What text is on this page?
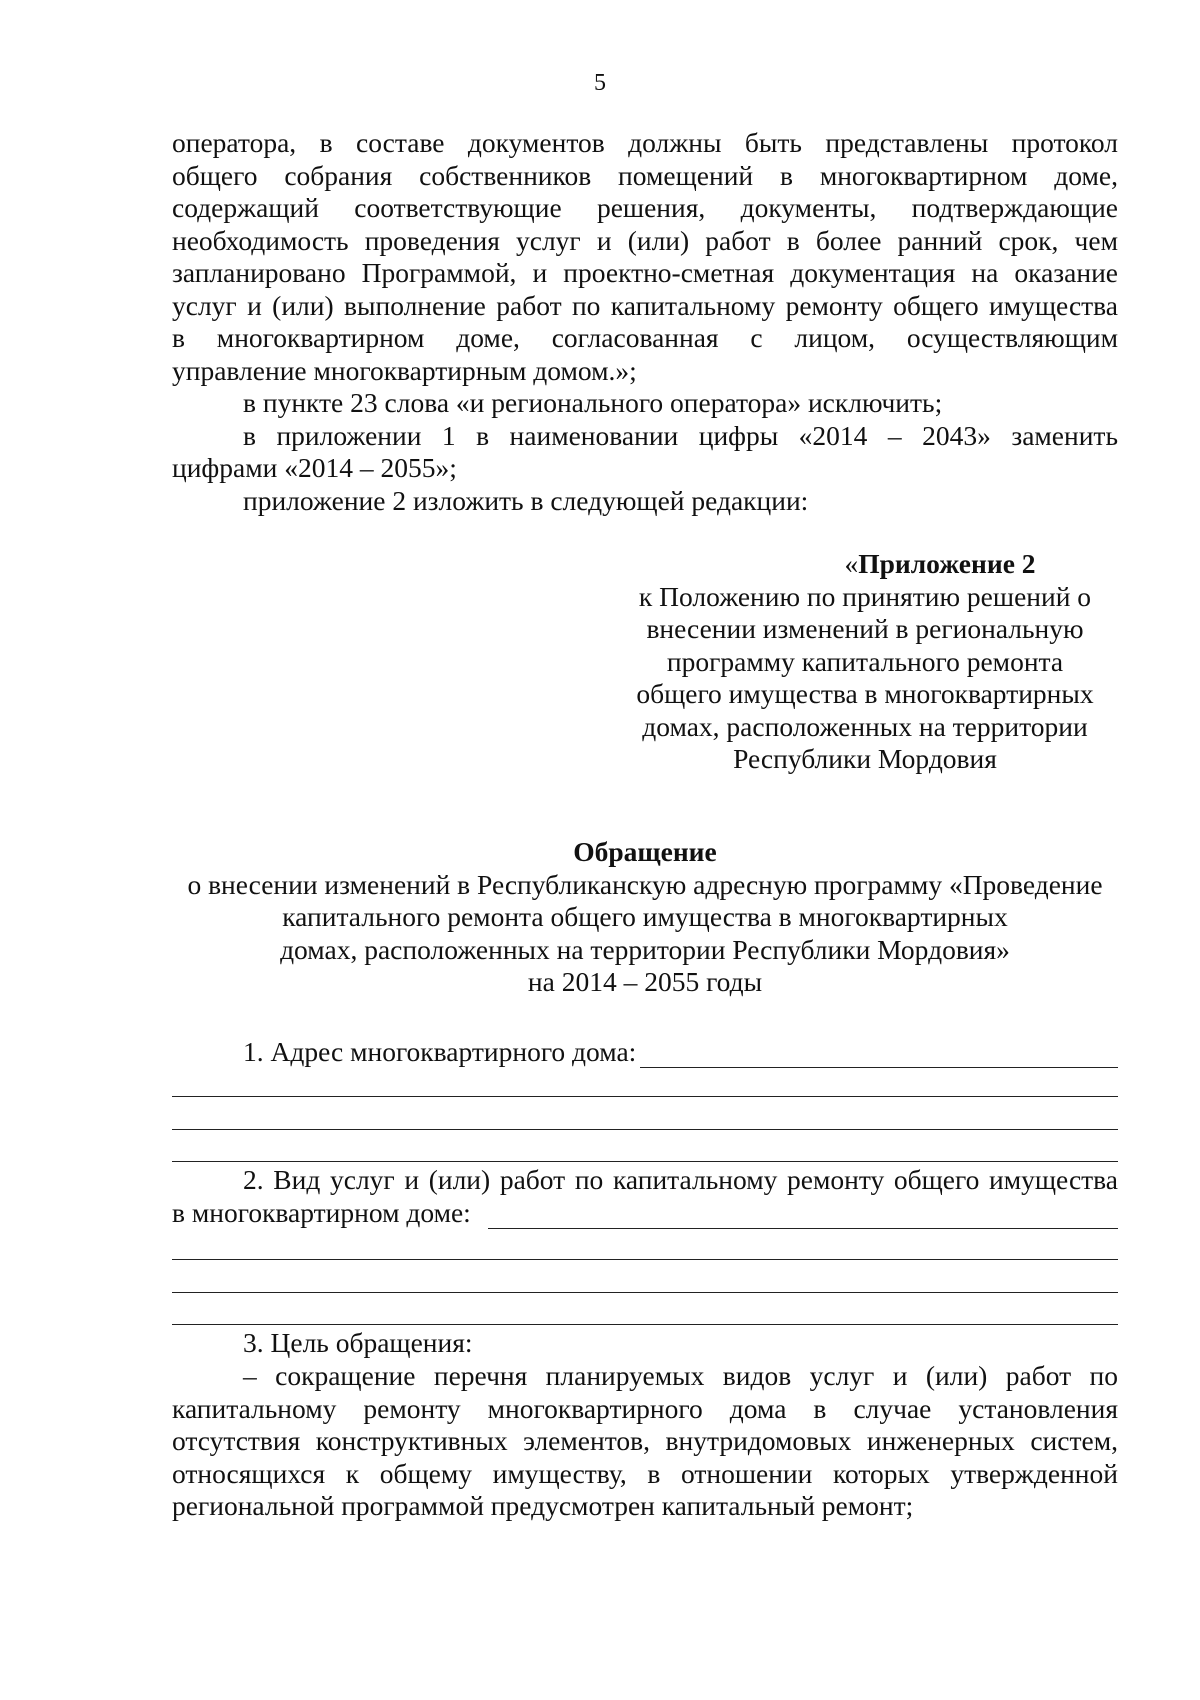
5
оператора, в составе документов должны быть представлены протокол
общего собрания собственников помещений в многоквартирном доме,
содержащий соответствующие решения, документы, подтверждающие
необходимость проведения услуг и (или) работ в более ранний срок, чем
запланировано Программой, и проектно-сметная документация на оказание
услуг и (или) выполнение работ по капитальному ремонту общего имущества
в многоквартирном доме, согласованная с лицом, осуществляющим
управление многоквартирным домом.»;
в пункте 23 слова «и регионального оператора» исключить;
в приложении 1 в наименовании цифры «2014 – 2043» заменить
цифрами «2014 – 2055»;
приложение 2 изложить в следующей редакции:
«Приложение 2
к Положению по принятию решений о
внесении изменений в региональную
программу капитального ремонта
общего имущества в многоквартирных
домах, расположенных на территории
Республики Мордовия
Обращение
о внесении изменений в Республиканскую адресную программу «Проведение
капитального ремонта общего имущества в многоквартирных
домах, расположенных на территории Республики Мордовия»
на 2014 – 2055 годы
1. Адрес многоквартирного дома:
2. Вид услуг и (или) работ по капитальному ремонту общего имущества
в многоквартирном доме:
3. Цель обращения:
– сокращение перечня планируемых видов услуг и (или) работ по
капитальному ремонту многоквартирного дома в случае установления
отсутствия конструктивных элементов, внутридомовых инженерных систем,
относящихся к общему имуществу, в отношении которых утвержденной
региональной программой предусмотрен капитальный ремонт;
